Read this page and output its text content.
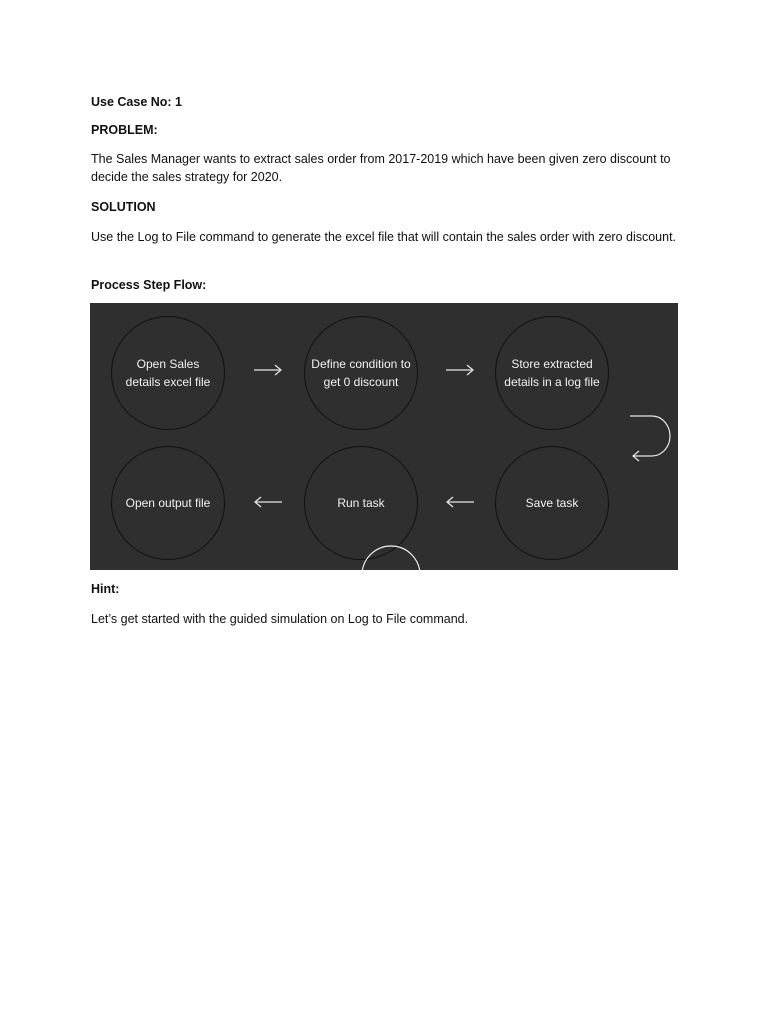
Use Case No: 1
PROBLEM:
The Sales Manager wants to extract sales order from 2017-2019 which have been given zero discount to decide the sales strategy for 2020.
SOLUTION
Use the Log to File command to generate the excel file that will contain the sales order with zero discount.
Process Step Flow:
Open Sales details excel file
Define condition to get 0 discount
Store extracted details in a log file
Open output file	Run task	Save task
Hint:
Let’s get started with the guided simulation on Log to File command.
